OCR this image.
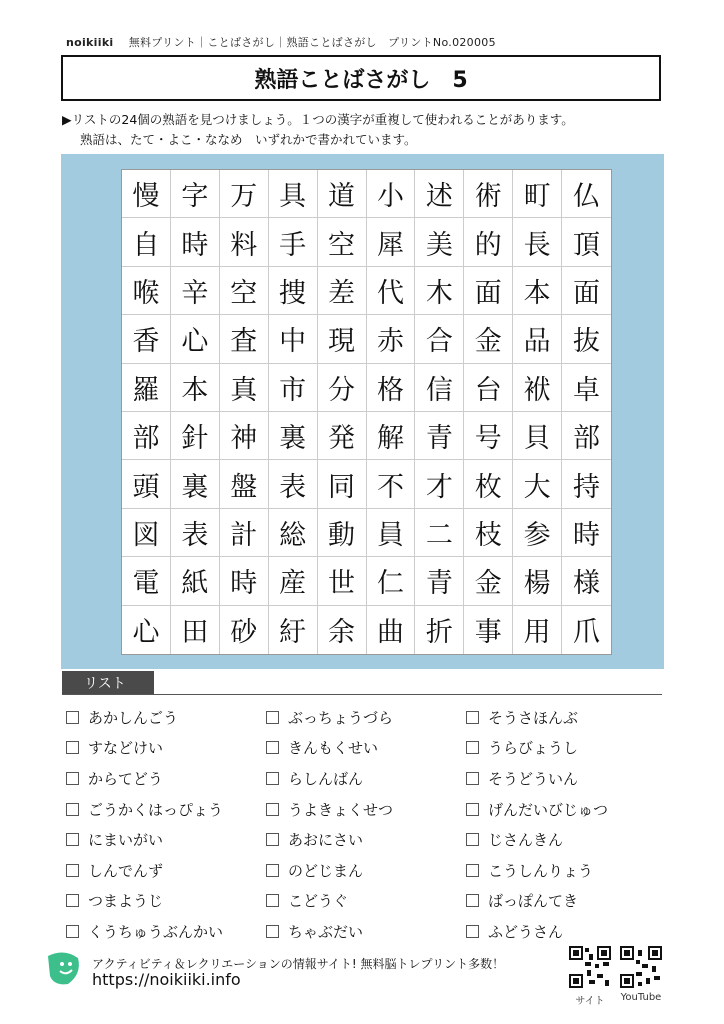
noikiiki 無料プリント｜ことばさがし｜熟語ことばさがし　プリントNo.020005
熟語ことばさがし　5
▶リストの24個の熟語を見つけましょう。１つの漢字が重複して使われることがあります。
熟語は、たて・よこ・ななめ　いずれかで書かれています。
慢 字 万 具 道 小 述 術 町 仏
自 時 料 手 空 犀 美 的 長 頂
喉 辛 空 捜 差 代 木 面 本 面
香 心 査 中 現 赤 合 金 品 抜
羅 本 真 市 分 格 信 台 袱 卓
部 針 神 裏 発 解 青 号 貝 部
頭 裏 盤 表 同 不 才 枚 大 持
図 表 計 総 動 員 二 枝 参 時
電 紙 時 産 世 仁 青 金 楊 様
心 田 砂 紆 余 曲 折 事 用 爪
リスト
あかしんごう
すなどけい
からてどう
ごうかくはっぴょう
にまいがい
しんでんず
つまようじ
くうちゅうぶんかい
ぶっちょうづら
きんもくせい
らしんばん
うよきょくせつ
あおにさい
のどじまん
こどうぐ
ちゃぶだい
そうさほんぶ
うらびょうし
そうどういん
げんだいびじゅつ
じさんきん
こうしんりょう
ばっぽんてき
ふどうさん
アクティビティ＆レクリエーションの情報サイト! 無料脳トレプリント多数！
https://noikiiki.info
サイト	YouTube
